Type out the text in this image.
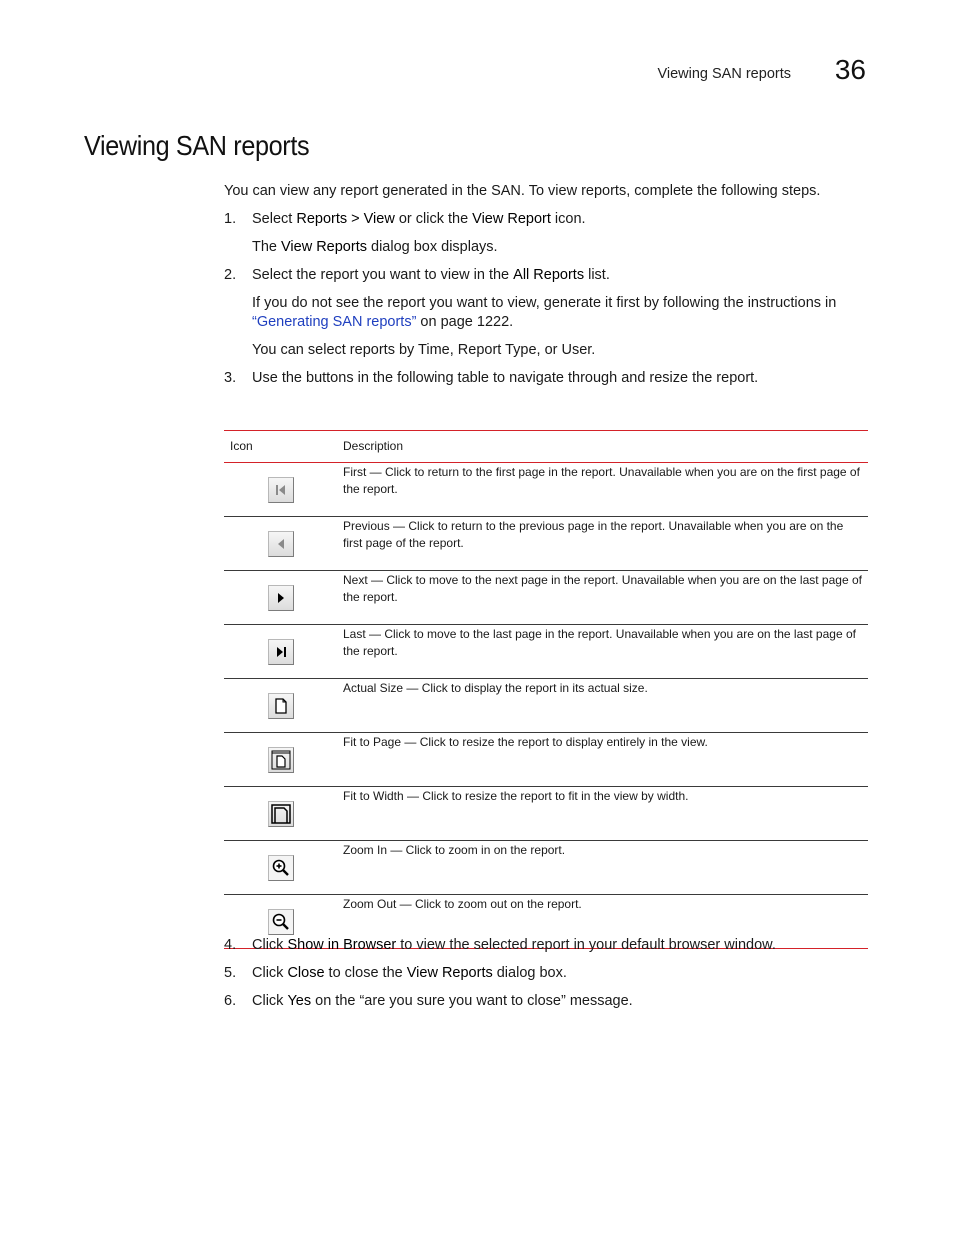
Viewing SAN reports 36
Viewing SAN reports
You can view any report generated in the SAN. To view reports, complete the following steps.
1.	Select Reports > View or click the View Report icon.
The View Reports dialog box displays.
2.	Select the report you want to view in the All Reports list.
If you do not see the report you want to view, generate it first by following the instructions in “Generating SAN reports” on page 1222.
You can select reports by Time, Report Type, or User.
3.	Use the buttons in the following table to navigate through and resize the report.
Icon	Description

	First — Click to return to the first page in the report. Unavailable when you are on the first page of the report.

	Previous — Click to return to the previous page in the report. Unavailable when you are on the first page of the report.

	Next — Click to move to the next page in the report. Unavailable when you are on the last page of the report.

	Last — Click to move to the last page in the report. Unavailable when you are on the last page of the report.

	Actual Size — Click to display the report in its actual size.

	Fit to Page — Click to resize the report to display entirely in the view.

	Fit to Width — Click to resize the report to fit in the view by width.

	Zoom In — Click to zoom in on the report.

	Zoom Out — Click to zoom out on the report.
4.	Click Show in Browser to view the selected report in your default browser window.
5.	Click Close to close the View Reports dialog box.
6.	Click Yes on the “are you sure you want to close” message.
